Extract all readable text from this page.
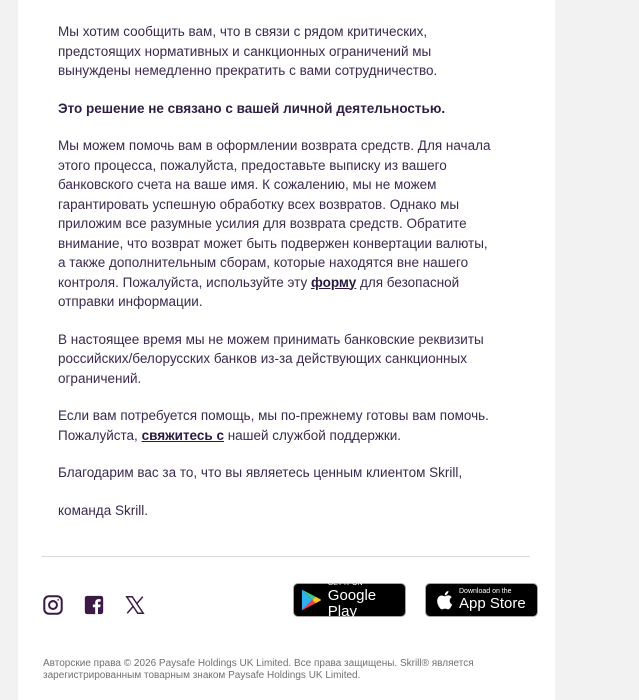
Мы хотим сообщить вам, что в связи с рядом критических, предстоящих нормативных и санкционных ограничений мы вынуждены немедленно прекратить с вами сотрудничество.

Это решение не связано с вашей личной деятельностью.

Мы можем помочь вам в оформлении возврата средств. Для начала этого процесса, пожалуйста, предоставьте выписку из вашего банковского счета на ваше имя. К сожалению, мы не можем гарантировать успешную обработку всех возвратов. Однако мы приложим все разумные усилия для возврата средств. Обратите внимание, что возврат может быть подвержен конвертации валюты, а также дополнительным сборам, которые находятся вне нашего контроля. Пожалуйста, используйте эту форму для безопасной отправки информации.

В настоящее время мы не можем принимать банковские реквизиты российских/белорусских банков из-за действующих санкционных ограничений.

Если вам потребуется помощь, мы по-прежнему готовы вам помочь. Пожалуйста, свяжитесь с нашей службой поддержки.

Благодарим вас за то, что вы являетесь ценным клиентом Skrill,

команда Skrill.

GET IT ON
Google Play
Download on the
App Store
Авторские права © 2026 Paysafe Holdings UK Limited. Все права защищены. Skrill® является зарегистрированным товарным знаком Paysafe Holdings UK Limited.
